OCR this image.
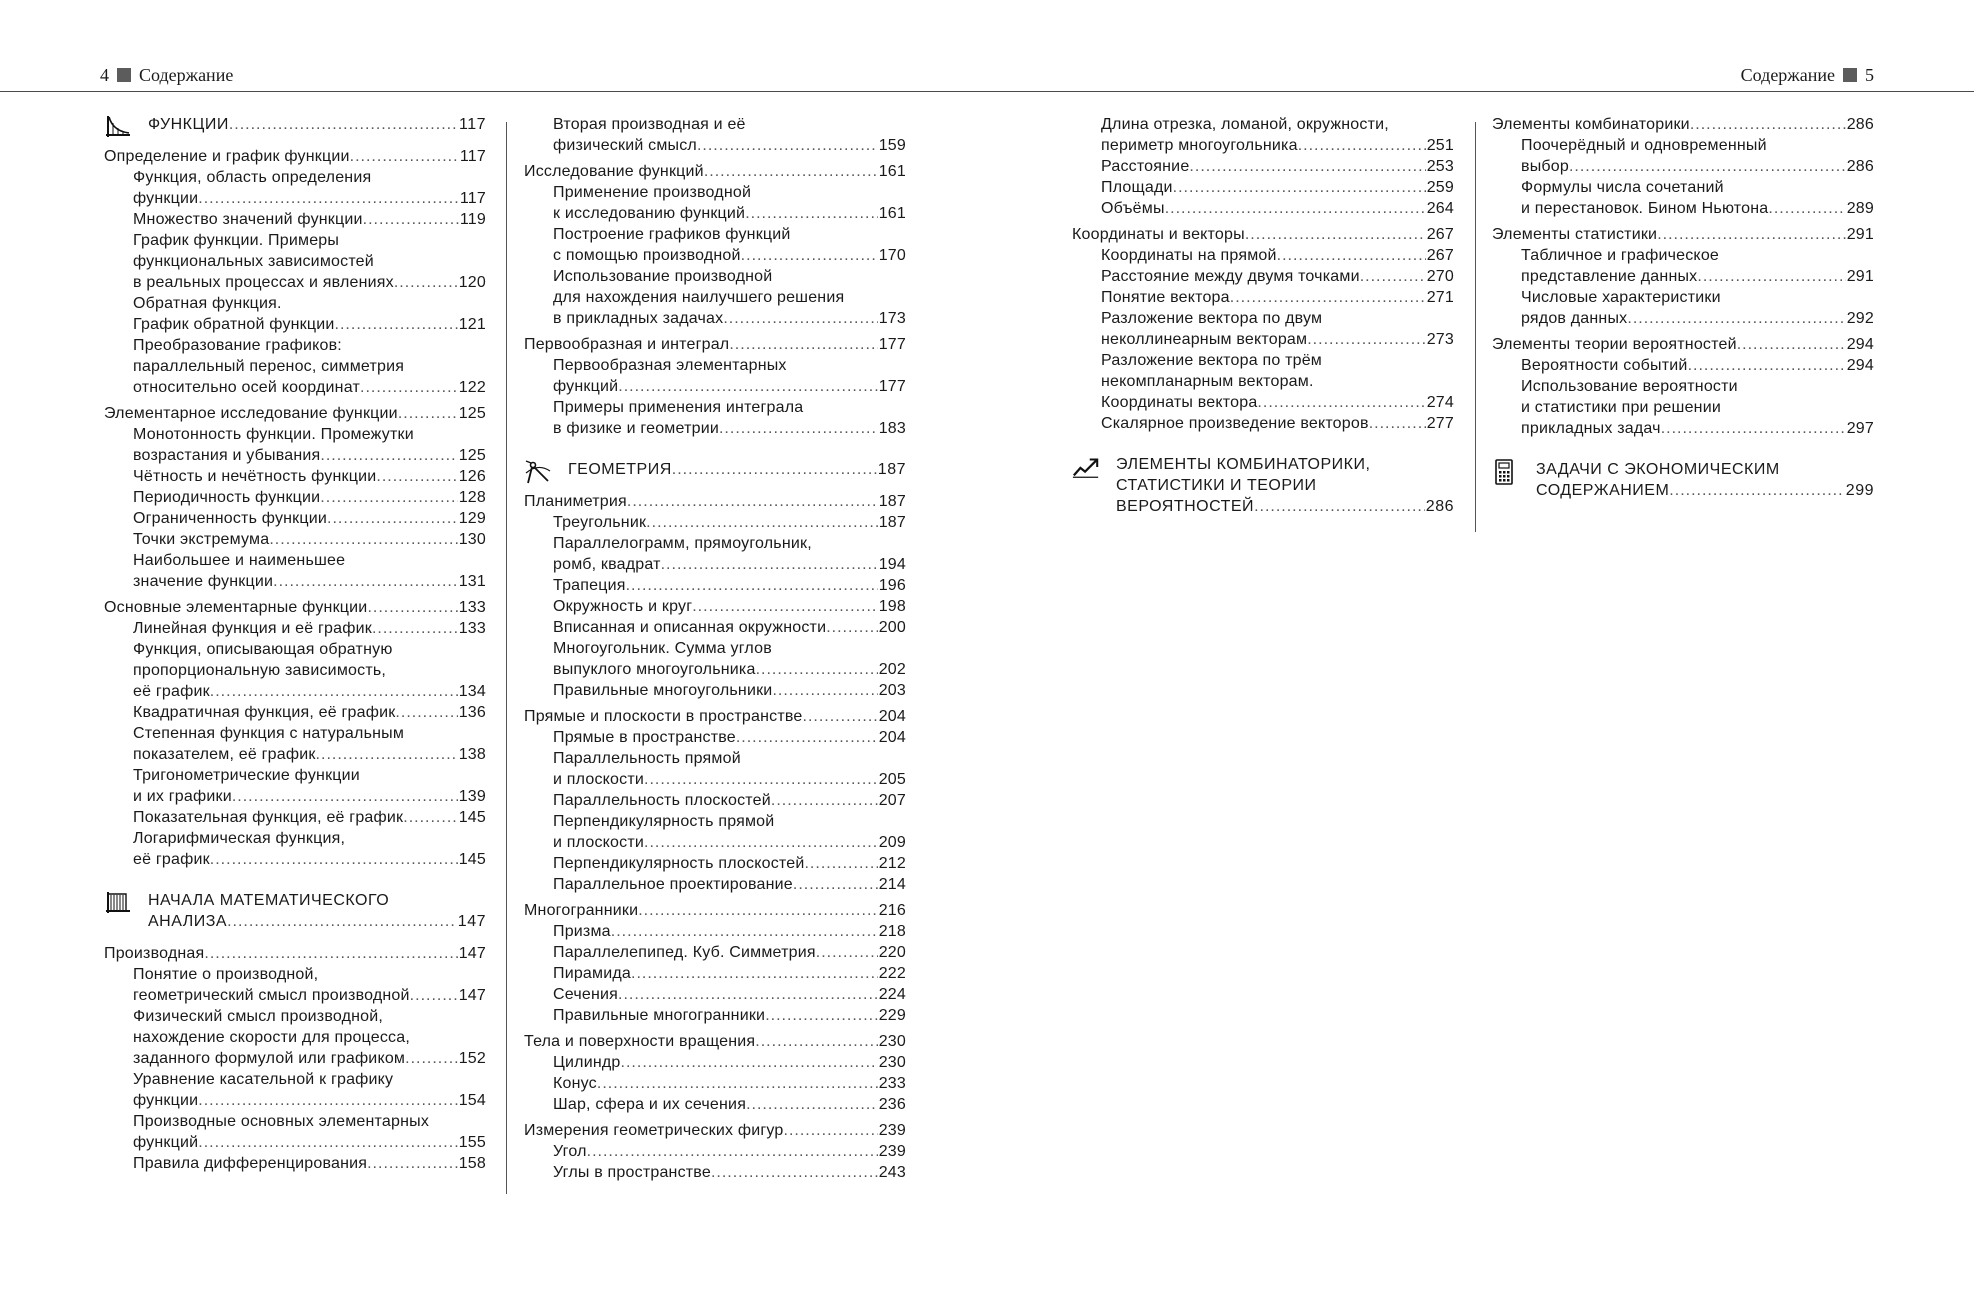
4 Содержание	Содержание 5
ФУНКЦИИ .....	117
Определение и график функции .....	117
Функция, область определения
функции .....	117
Множество значений функции .....	119
График функции. Примеры
функциональных зависимостей
в реальных процессах и явлениях .....	120
Обратная функция.
График обратной функции .....	121
Преобразование графиков:
параллельный перенос, симметрия
относительно осей координат .....	122
Элементарное исследование функции .....	125
Монотонность функции. Промежутки
возрастания и убывания .....	125
Чётность и нечётность функции .....	126
Периодичность функции .....	128
Ограниченность функции .....	129
Точки экстремума .....	130
Наибольшее и наименьшее
значение функции .....	131
Основные элементарные функции .....	133
Линейная функция и её график .....	133
Функция, описывающая обратную
пропорциональную зависимость,
её график .....	134
Квадратичная функция, её график .....	136
Степенная функция с натуральным
показателем, её график .....	138
Тригонометрические функции
и их графики .....	139
Показательная функция, её график .....	145
Логарифмическая функция,
её график .....	145
НАЧАЛА МАТЕМАТИЧЕСКОГО
АНАЛИЗА .....	147
Производная .....	147
Понятие о производной,
геометрический смысл производной .....	147
Физический смысл производной,
нахождение скорости для процесса,
заданного формулой или графиком .....	152
Уравнение касательной к графику
функции .....	154
Производные основных элементарных
функций .....	155
Правила дифференцирования .....	158
Вторая производная и её
физический смысл .....	159
Исследование функций .....	161
Применение производной
к исследованию функций .....	161
Построение графиков функций
с помощью производной .....	170
Использование производной
для нахождения наилучшего решения
в прикладных задачах .....	173
Первообразная и интеграл .....	177
Первообразная элементарных
функций .....	177
Примеры применения интеграла
в физике и геометрии .....	183
ГЕОМЕТРИЯ .....	187
Планиметрия .....	187
Треугольник .....	187
Параллелограмм, прямоугольник,
ромб, квадрат .....	194
Трапеция .....	196
Окружность и круг .....	198
Вписанная и описанная окружности .....	200
Многоугольник. Сумма углов
выпуклого многоугольника .....	202
Правильные многоугольники .....	203
Прямые и плоскости в пространстве .....	204
Прямые в пространстве .....	204
Параллельность прямой
и плоскости .....	205
Параллельность плоскостей .....	207
Перпендикулярность прямой
и плоскости .....	209
Перпендикулярность плоскостей .....	212
Параллельное проектирование .....	214
Многогранники .....	216
Призма .....	218
Параллелепипед. Куб. Симметрия .....	220
Пирамида .....	222
Сечения .....	224
Правильные многогранники .....	229
Тела и поверхности вращения .....	230
Цилиндр .....	230
Конус .....	233
Шар, сфера и их сечения .....	236
Измерения геометрических фигур .....	239
Угол .....	239
Углы в пространстве .....	243
Длина отрезка, ломаной, окружности,
периметр многоугольника .....	251
Расстояние .....	253
Площади .....	259
Объёмы .....	264
Координаты и векторы .....	267
Координаты на прямой .....	267
Расстояние между двумя точками .....	270
Понятие вектора .....	271
Разложение вектора по двум
неколлинеарным векторам .....	273
Разложение вектора по трём
некомпланарным векторам.
Координаты вектора .....	274
Скалярное произведение векторов .....	277
ЭЛЕМЕНТЫ КОМБИНАТОРИКИ,
СТАТИСТИКИ И ТЕОРИИ
ВЕРОЯТНОСТЕЙ .....	286
Элементы комбинаторики .....	286
Поочерёдный и одновременный
выбор .....	286
Формулы числа сочетаний
и перестановок. Бином Ньютона .....	289
Элементы статистики .....	291
Табличное и графическое
представление данных .....	291
Числовые характеристики
рядов данных .....	292
Элементы теории вероятностей .....	294
Вероятности событий .....	294
Использование вероятности
и статистики при решении
прикладных задач .....	297
ЗАДАЧИ С ЭКОНОМИЧЕСКИМ
СОДЕРЖАНИЕМ .....	299
